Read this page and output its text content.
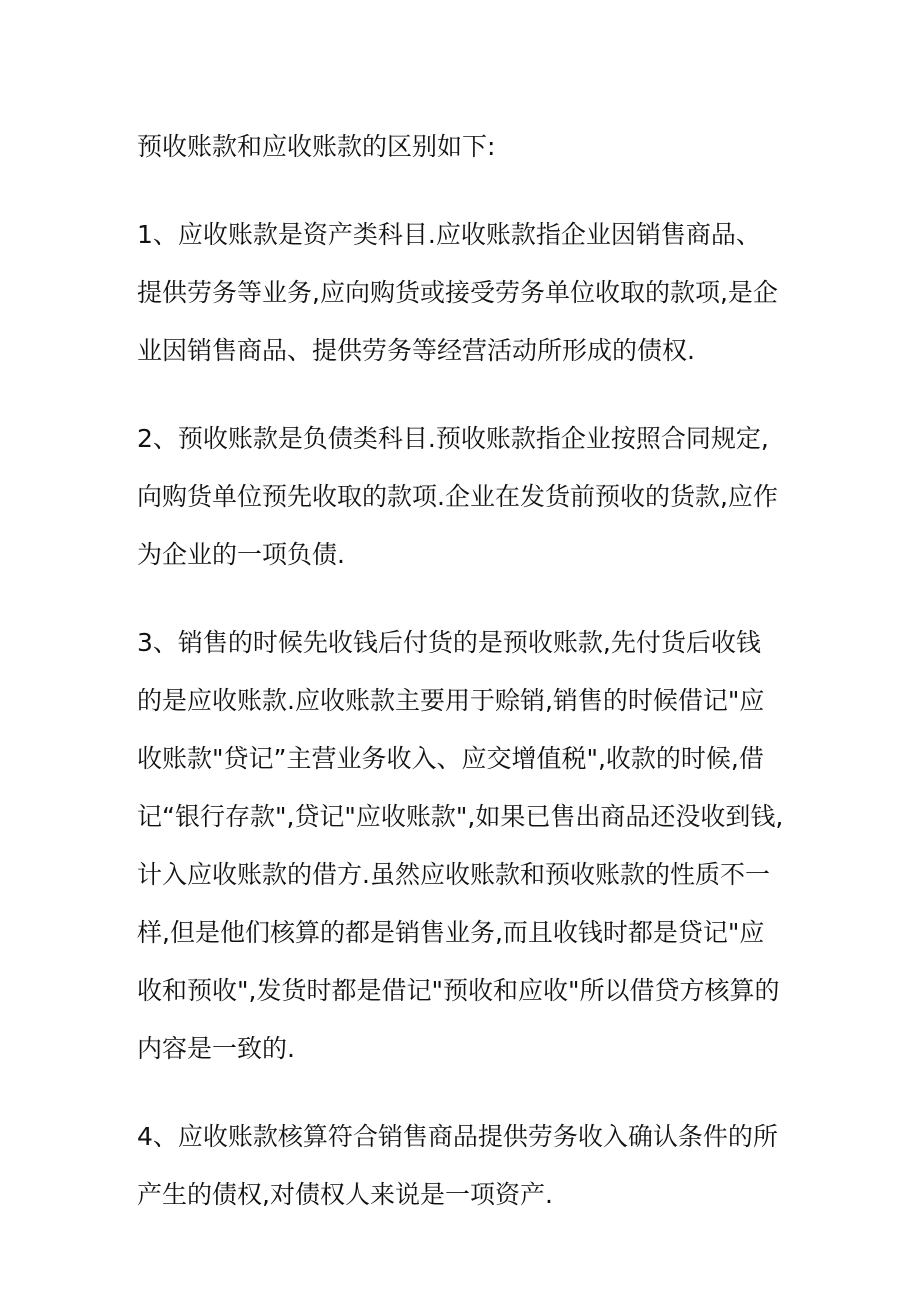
预收账款和应收账款的区别如下:

1、应收账款是资产类科目.应收账款指企业因销售商品、提供劳务等业务,应向购货或接受劳务单位收取的款项,是企业因销售商品、提供劳务等经营活动所形成的债权.

2、预收账款是负债类科目.预收账款指企业按照合同规定,向购货单位预先收取的款项.企业在发货前预收的货款,应作为企业的一项负债.

3、销售的时候先收钱后付货的是预收账款,先付货后收钱的是应收账款.应收账款主要用于赊销,销售的时候借记"应收账款"贷记”主营业务收入、应交增值税",收款的时候,借记“银行存款",贷记"应收账款",如果已售出商品还没收到钱,计入应收账款的借方.虽然应收账款和预收账款的性质不一样,但是他们核算的都是销售业务,而且收钱时都是贷记"应收和预收",发货时都是借记"预收和应收"所以借贷方核算的内容是一致的.

4、应收账款核算符合销售商品提供劳务收入确认条件的所产生的债权,对债权人来说是一项资产.
